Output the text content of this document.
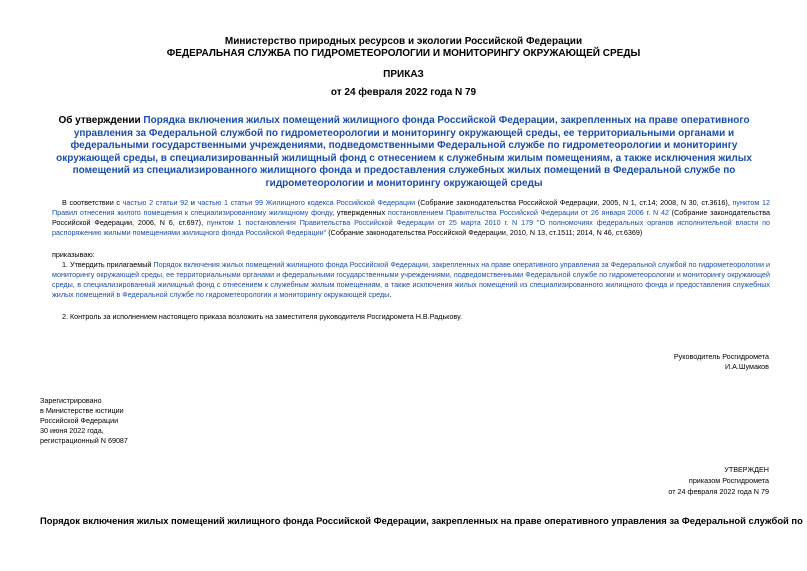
Министерство природных ресурсов и экологии Российской Федерации
ФЕДЕРАЛЬНАЯ СЛУЖБА ПО ГИДРОМЕТЕОРОЛОГИИ И МОНИТОРИНГУ ОКРУЖАЮЩЕЙ СРЕДЫ
ПРИКАЗ
от 24 февраля 2022 года N 79
Об утверждении Порядка включения жилых помещений жилищного фонда Российской Федерации, закрепленных на праве оперативного управления за Федеральной службой по гидрометеорологии и мониторингу окружающей среды, ее территориальными органами и федеральными государственными учреждениями, подведомственными Федеральной службе по гидрометеорологии и мониторингу окружающей среды, в специализированный жилищный фонд с отнесением к служебным жилым помещениям, а также исключения жилых помещений из специализированного жилищного фонда и предоставления служебных жилых помещений в Федеральной службе по гидрометеорологии и мониторингу окружающей среды
В соответствии с частью 2 статьи 92 и частью 1 статьи 99 Жилищного кодекса Российской Федерации (Собрание законодательства Российской Федерации, 2005, N 1, ст.14; 2008, N 30, ст.3616), пунктом 12 Правил отнесения жилого помещения к специализированному жилищному фонду, утвержденных постановлением Правительства Российской Федерации от 26 января 2006 г. N 42 (Собрание законодательства Российской Федерации, 2006, N 6, ст.697), пунктом 1 постановления Правительства Российской Федерации от 25 марта 2010 г. N 179 "О полномочиях федеральных органов исполнительной власти по распоряжению жилыми помещениями жилищного фонда Российской Федерации" (Собрание законодательства Российской Федерации, 2010, N 13, ст.1511; 2014, N 46, ст.6369)
приказываю:
1. Утвердить прилагаемый Порядок включения жилых помещений жилищного фонда Российской Федерации, закрепленных на праве оперативного управления за Федеральной службой по гидрометеорологии и мониторингу окружающей среды, ее территориальными органами и федеральными государственными учреждениями, подведомственными Федеральной службе по гидрометеорологии и мониторингу окружающей среды, в специализированный жилищный фонд с отнесением к служебным жилым помещениям, а также исключения жилых помещений из специализированного жилищного фонда и предоставления служебных жилых помещений в Федеральной службе по гидрометеорологии и мониторингу окружающей среды.
2. Контроль за исполнением настоящего приказа возложить на заместителя руководителя Росгидромета Н.В.Радькову.
Руководитель Росгидромета
И.А.Шумаков
Зарегистрировано
в Министерстве юстиции
Российской Федерации
30 июня 2022 года,
регистрационный N 69087
УТВЕРЖДЕН
приказом Росгидромета
от 24 февраля 2022 года N 79
Порядок включения жилых помещений жилищного фонда Российской Федерации, закрепленных на праве оперативного управления за Федеральной службой по
